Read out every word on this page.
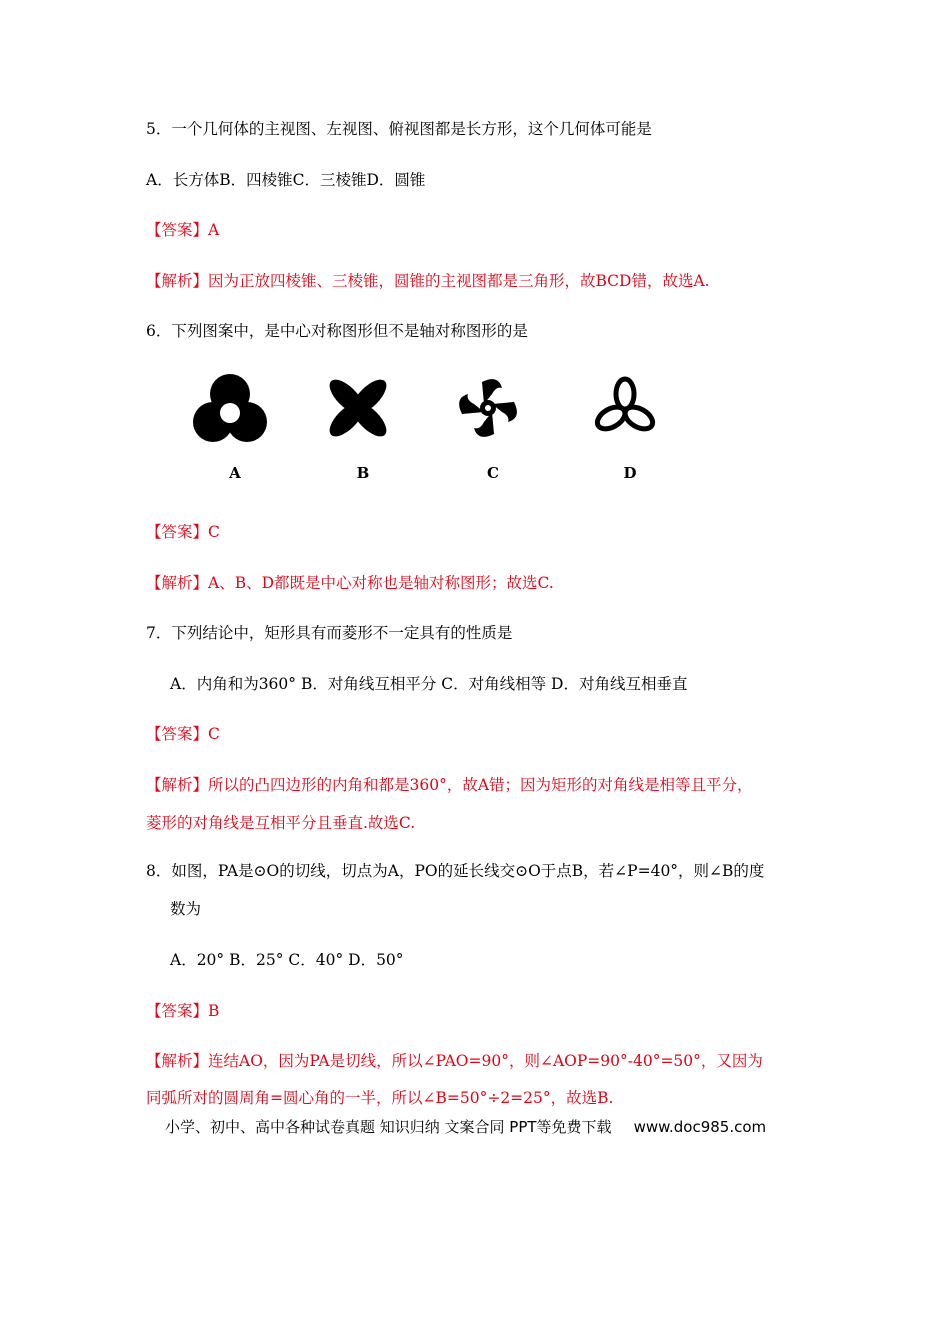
5．一个几何体的主视图、左视图、俯视图都是长方形，这个几何体可能是
A．长方体B．四棱锥C．三棱锥D．圆锥
【答案】A
【解析】因为正放四棱锥、三棱锥，圆锥的主视图都是三角形，故BCD错，故选A.
6．下列图案中，是中心对称图形但不是轴对称图形的是
A	B	C	D
【答案】C
【解析】A、B、D都既是中心对称也是轴对称图形；故选C.
7．下列结论中，矩形具有而菱形不一定具有的性质是
A．内角和为360° B．对角线互相平分 C．对角线相等 D．对角线互相垂直
【答案】C
【解析】所以的凸四边形的内角和都是360°，故A错；因为矩形的对角线是相等且平分，
菱形的对角线是互相平分且垂直.故选C.
8．如图，PA是⊙O的切线，切点为A，PO的延长线交⊙O于点B，若∠P=40°，则∠B的度
数为
A．20° B．25° C．40° D．50°
【答案】B
【解析】连结AO，因为PA是切线，所以∠PAO=90°，则∠AOP=90°-40°=50°，又因为
同弧所对的圆周角=圆心角的一半，所以∠B=50°÷2=25°，故选B.
小学、初中、高中各种试卷真题 知识归纳 文案合同 PPT等免费下载 www.doc985.com
